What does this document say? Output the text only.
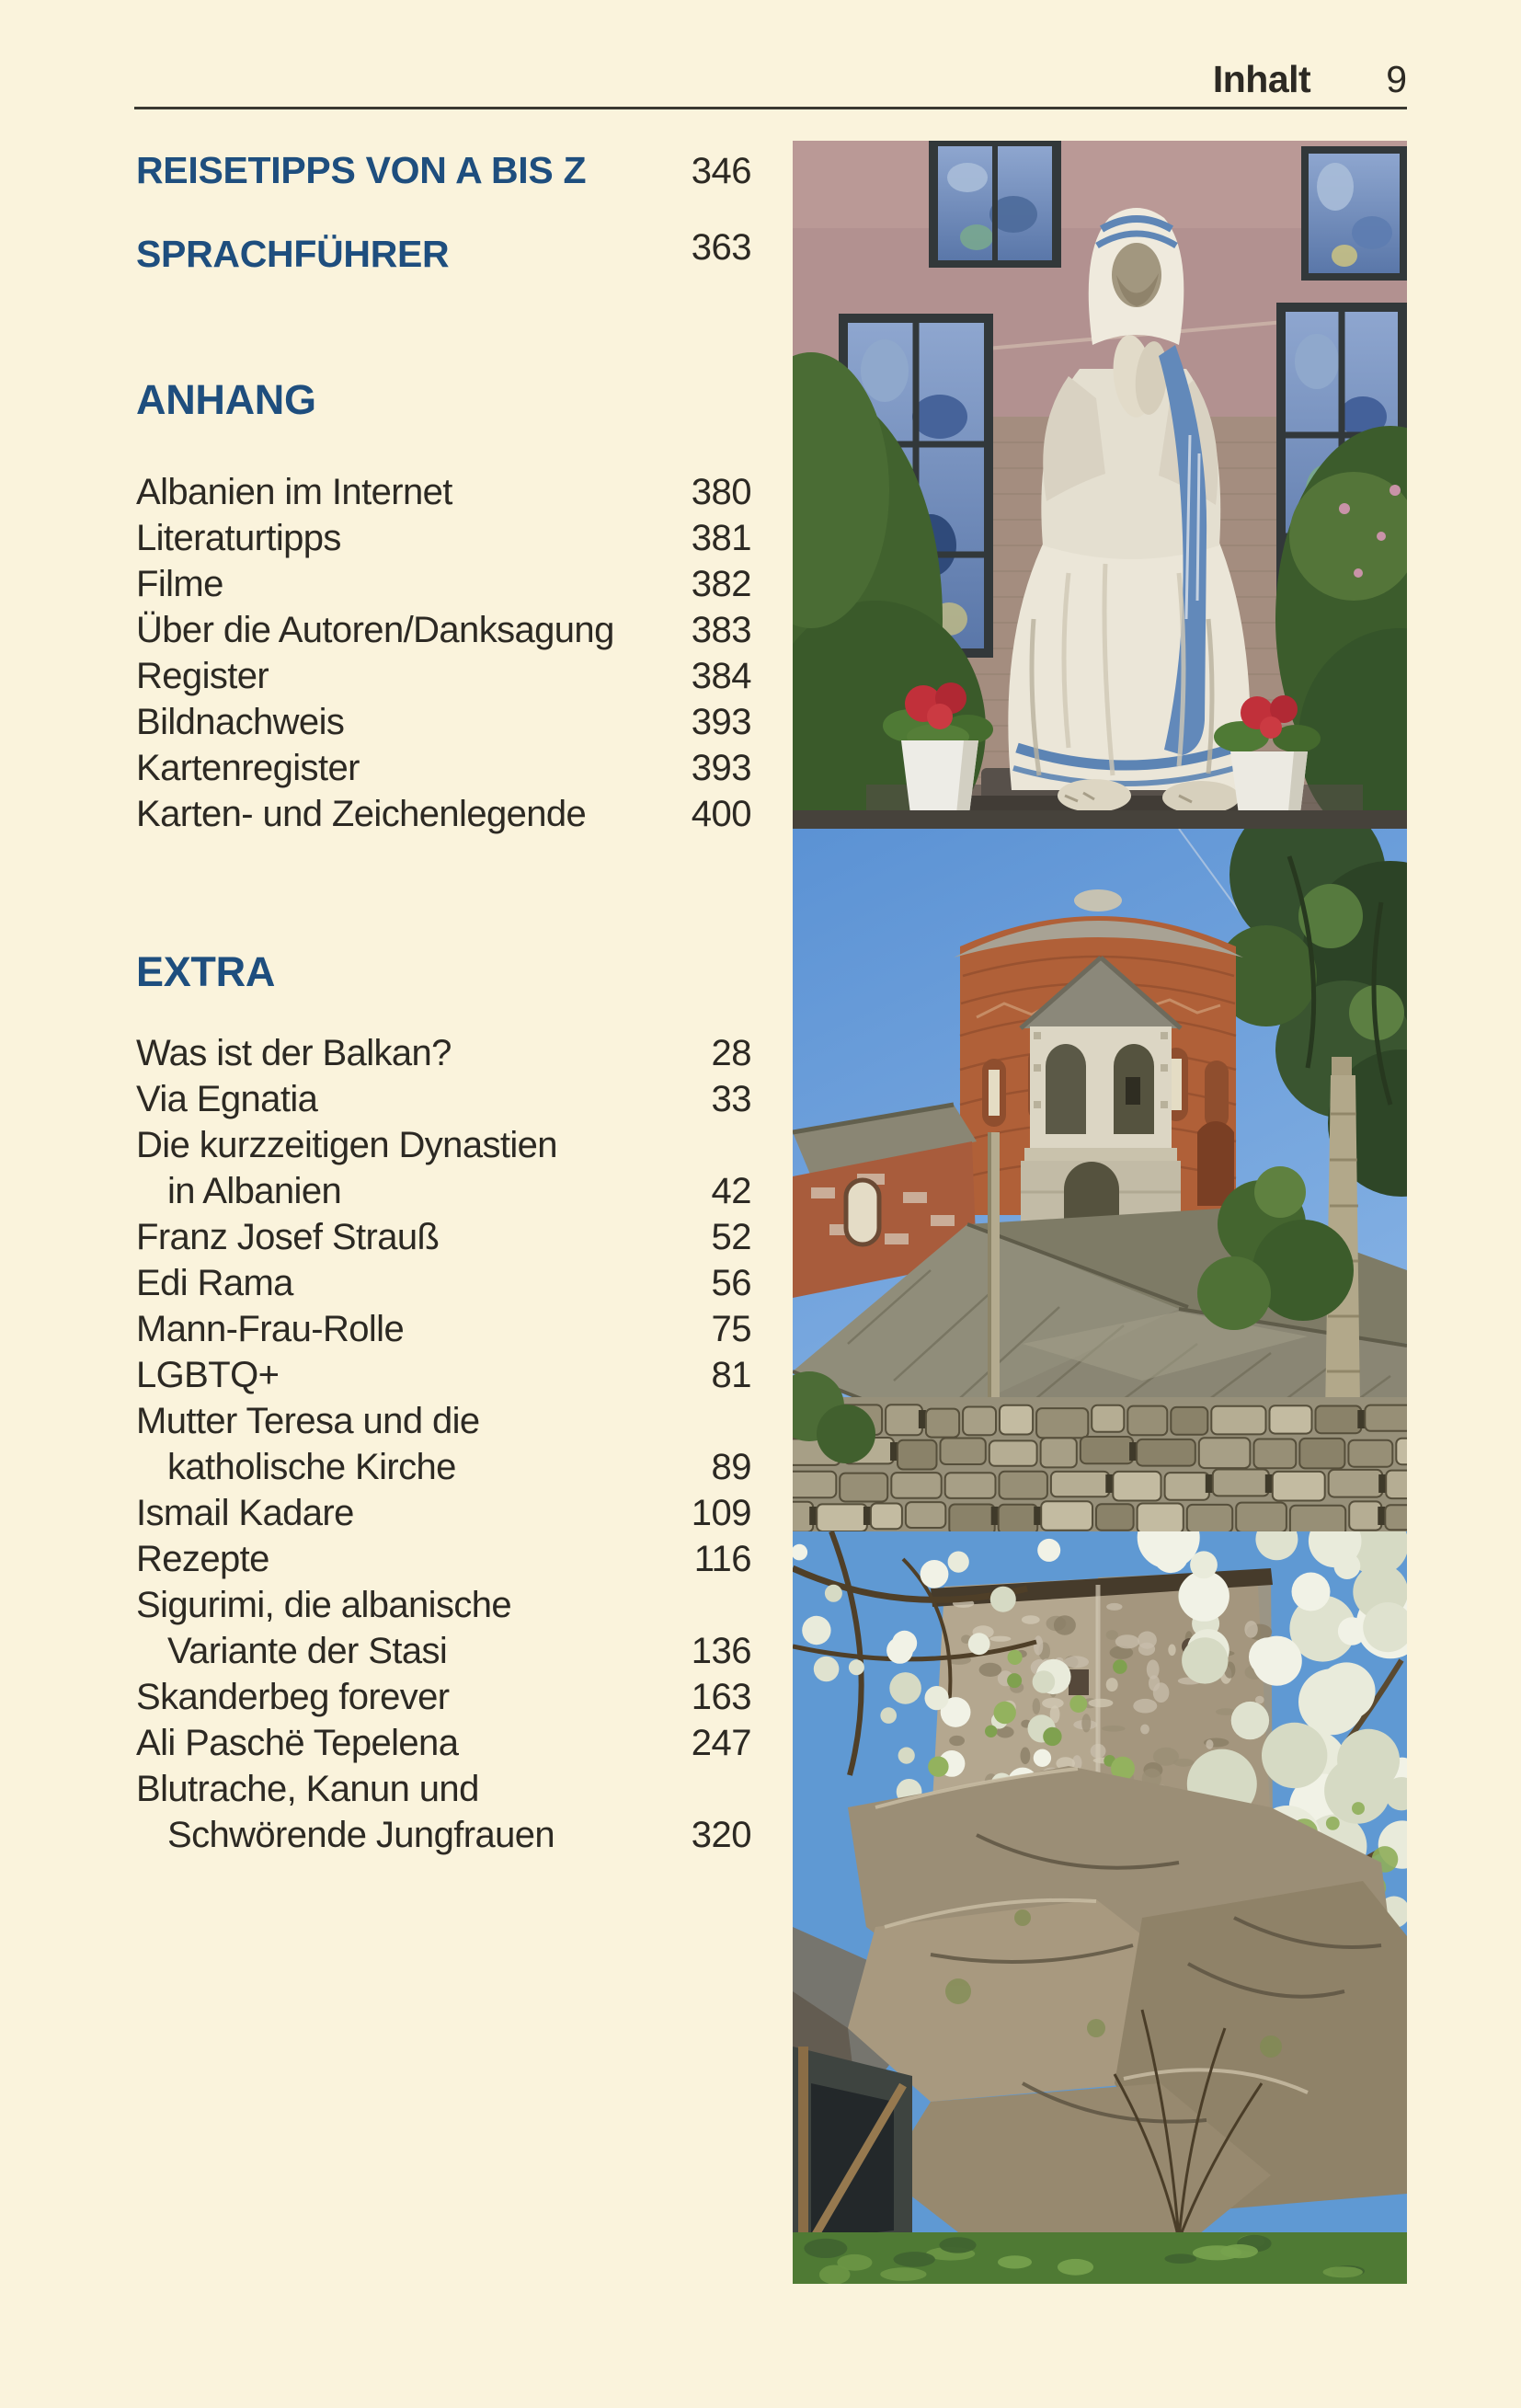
Inhalt 9
REISETIPPS VON A BIS Z	346
SPRACHFÜHRER	363
ANHANG
Albanien im Internet	380
Literaturtipps	381
Filme	382
Über die Autoren/Danksagung 383
Register	384
Bildnachweis	393
Kartenregister	393
Karten- und Zeichenlegende	400
EXTRA
Was ist der Balkan?	28
Via Egnatia	33
Die kurzzeitigen Dynastien
in Albanien	42
Franz Josef Strauß	52
Edi Rama	56
Mann-Frau-Rolle	75
LGBTQ+	81
Mutter Teresa und die
katholische Kirche	89
Ismail Kadare	109
Rezepte	116
Sigurimi, die albanische
Variante der Stasi	136
Skanderbeg forever	163
Ali Paschë Tepelena	247
Blutrache, Kanun und
Schwörende Jungfrauen	320
